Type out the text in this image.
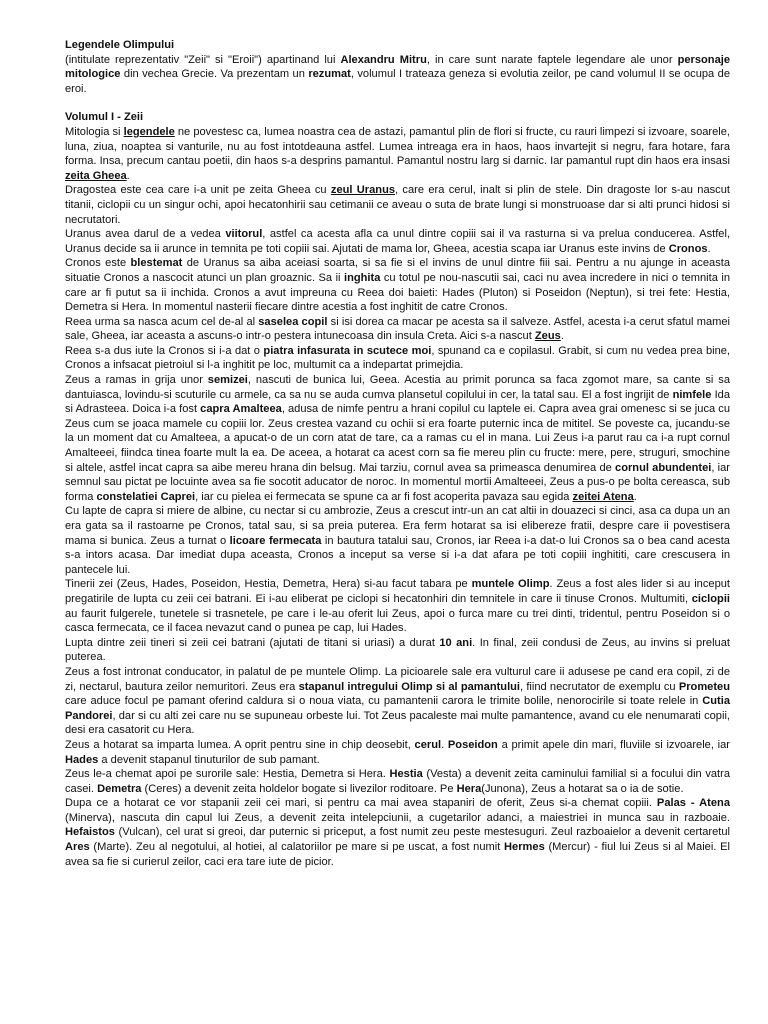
Legendele Olimpului

(intitulate reprezentativ "Zeii" si "Eroii") apartinand lui Alexandru Mitru, in care sunt narate faptele legendare ale unor personaje mitologice din vechea Grecie. Va prezentam un rezumat, volumul I trateaza geneza si evolutia zeilor, pe cand volumul II se ocupa de eroi.

Volumul I - Zeii

Mitologia si legendele ne povestesc ca, lumea noastra cea de astazi, pamantul plin de flori si fructe, cu rauri limpezi si izvoare, soarele, luna, ziua, noaptea si vanturile, nu au fost intotdeauna astfel. Lumea intreaga era in haos, haos invartejit si negru, fara hotare, fara forma. Insa, precum cantau poetii, din haos s-a desprins pamantul. Pamantul nostru larg si darnic. Iar pamantul rupt din haos era insasi zeita Gheea.

Dragostea este cea care i-a unit pe zeita Gheea cu zeul Uranus, care era cerul, inalt si plin de stele. Din dragoste lor s-au nascut titanii, ciclopii cu un singur ochi, apoi hecatonhirii sau cetimanii ce aveau o suta de brate lungi si monstruoase dar si alti prunci hidosi si necrutatori.

Uranus avea darul de a vedea viitorul, astfel ca acesta afla ca unul dintre copiii sai il va rasturna si va prelua conducerea. Astfel, Uranus decide sa ii arunce in temnita pe toti copiii sai. Ajutati de mama lor, Gheea, acestia scapa iar Uranus este invins de Cronos.

Cronos este blestemat de Uranus sa aiba aceiasi soarta, si sa fie si el invins de unul dintre fiii sai. Pentru a nu ajunge in aceasta situatie Cronos a nascocit atunci un plan groaznic. Sa ii inghita cu totul pe nou-nascutii sai, caci nu avea incredere in nici o temnita in care ar fi putut sa ii inchida. Cronos a avut impreuna cu Reea doi baieti: Hades (Pluton) si Poseidon (Neptun), si trei fete: Hestia, Demetra si Hera. In momentul nasterii fiecare dintre acestia a fost inghitit de catre Cronos.

Reea urma sa nasca acum cel de-al al saselea copil si isi dorea ca macar pe acesta sa il salveze. Astfel, acesta i-a cerut sfatul mamei sale, Gheea, iar aceasta a ascuns-o intr-o pestera intunecoasa din insula Creta. Aici s-a nascut Zeus.

Reea s-a dus iute la Cronos si i-a dat o piatra infasurata in scutece moi, spunand ca e copilasul. Grabit, si cum nu vedea prea bine, Cronos a infsacat pietroiul si l-a inghitit pe loc, multumit ca a indepartat primejdia.

Zeus a ramas in grija unor semizei, nascuti de bunica lui, Geea. Acestia au primit porunca sa faca zgomot mare, sa cante si sa dantuiasca, lovindu-si scuturile cu armele, ca sa nu se auda cumva plansetul copilului in cer, la tatal sau. El a fost ingrijit de nimfele Ida si Adrasteea. Doica i-a fost capra Amalteea, adusa de nimfe pentru a hrani copilul cu laptele ei. Capra avea grai omenesc si se juca cu Zeus cum se joaca mamele cu copiii lor. Zeus crestea vazand cu ochii si era foarte puternic inca de mititel. Se poveste ca, jucandu-se la un moment dat cu Amalteea, a apucat-o de un corn atat de tare, ca a ramas cu el in mana. Lui Zeus i-a parut rau ca i-a rupt cornul Amalteeei, fiindca tinea foarte mult la ea. De aceea, a hotarat ca acest corn sa fie mereu plin cu fructe: mere, pere, struguri, smochine si altele, astfel incat capra sa aibe mereu hrana din belsug. Mai tarziu, cornul avea sa primeasca denumirea de cornul abundentei, iar semnul sau pictat pe locuinte avea sa fie socotit aducator de noroc. In momentul mortii Amalteeei, Zeus a pus-o pe bolta cereasca, sub forma constelatiei Caprei, iar cu pielea ei fermecata se spune ca ar fi fost acoperita pavaza sau egida zeitei Atena.

Cu lapte de capra si miere de albine, cu nectar si cu ambrozie, Zeus a crescut intr-un an cat altii in douazeci si cinci, asa ca dupa un an era gata sa il rastoarne pe Cronos, tatal sau, si sa preia puterea. Era ferm hotarat sa isi elibereze fratii, despre care ii povestisera mama si bunica. Zeus a turnat o licoare fermecata in bautura tatalui sau, Cronos, iar Reea i-a dat-o lui Cronos sa o bea cand acesta s-a intors acasa. Dar imediat dupa aceasta, Cronos a inceput sa verse si i-a dat afara pe toti copiii inghititi, care crescusera in pantecele lui.

Tinerii zei (Zeus, Hades, Poseidon, Hestia, Demetra, Hera) si-au facut tabara pe muntele Olimp. Zeus a fost ales lider si au inceput pregatirile de lupta cu zeii cei batrani. Ei i-au eliberat pe ciclopi si hecatonhiri din temnitele in care ii tinuse Cronos. Multumiti, ciclopii au faurit fulgerele, tunetele si trasnetele, pe care i le-au oferit lui Zeus, apoi o furca mare cu trei dinti, tridentul, pentru Poseidon si o casca fermecata, ce il facea nevazut cand o punea pe cap, lui Hades.

Lupta dintre zeii tineri si zeii cei batrani (ajutati de titani si uriasi) a durat 10 ani. In final, zeii condusi de Zeus, au invins si preluat puterea.

Zeus a fost intronat conducator, in palatul de pe muntele Olimp. La picioarele sale era vulturul care ii adusese pe cand era copil, zi de zi, nectarul, bautura zeilor nemuritori. Zeus era stapanul intregului Olimp si al pamantului, fiind necrutator de exemplu cu Prometeu care aduce focul pe pamant oferind caldura si o noua viata, cu pamantenii carora le trimite bolile, nenorocirile si toate relele in Cutia Pandorei, dar si cu alti zei care nu se supuneau orbeste lui. Tot Zeus pacaleste mai multe pamantence, avand cu ele nenumarati copii, desi era casatorit cu Hera.

Zeus a hotarat sa imparta lumea. A oprit pentru sine in chip deosebit, cerul. Poseidon a primit apele din mari, fluviile si izvoarele, iar Hades a devenit stapanul tinuturilor de sub pamant.

Zeus le-a chemat apoi pe surorile sale: Hestia, Demetra si Hera. Hestia (Vesta) a devenit zeita caminului familial si a focului din vatra casei. Demetra (Ceres) a devenit zeita holdelor bogate si livezilor roditoare. Pe Hera(Junona), Zeus a hotarat sa o ia de sotie.

Dupa ce a hotarat ce vor stapanii zeii cei mari, si pentru ca mai avea stapaniri de oferit, Zeus si-a chemat copiii. Palas - Atena (Minerva), nascuta din capul lui Zeus, a devenit zeita intelepciunii, a cugetarilor adanci, a maiestriei in munca sau in razboaie. Hefaistos (Vulcan), cel urat si greoi, dar puternic si priceput, a fost numit zeu peste mestesuguri. Zeul razboaielor a devenit certaretul Ares (Marte). Zeu al negotului, al hotiei, al calatoriilor pe mare si pe uscat, a fost numit Hermes (Mercur) - fiul lui Zeus si al Maiei. El avea sa fie si curierul zeilor, caci era tare iute de picior.
